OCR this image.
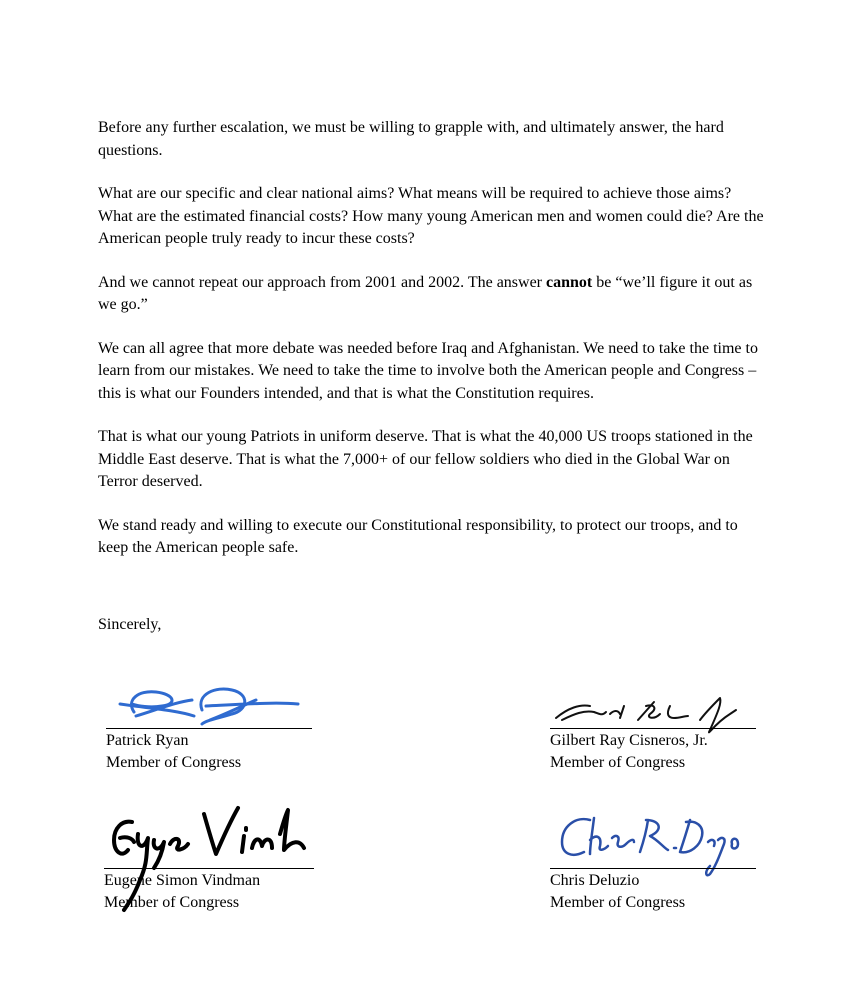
Before any further escalation, we must be willing to grapple with, and ultimately answer, the hard questions.

What are our specific and clear national aims? What means will be required to achieve those aims? What are the estimated financial costs? How many young American men and women could die? Are the American people truly ready to incur these costs?

And we cannot repeat our approach from 2001 and 2002. The answer cannot be “we’ll figure it out as we go.”

We can all agree that more debate was needed before Iraq and Afghanistan. We need to take the time to learn from our mistakes. We need to take the time to involve both the American people and Congress – this is what our Founders intended, and that is what the Constitution requires.

That is what our young Patriots in uniform deserve. That is what the 40,000 US troops stationed in the Middle East deserve. That is what the 7,000+ of our fellow soldiers who died in the Global War on Terror deserved.

We stand ready and willing to execute our Constitutional responsibility, to protect our troops, and to keep the American people safe.

Sincerely,
Patrick Ryan
Member of Congress
Gilbert Ray Cisneros, Jr.
Member of Congress
Eugene Simon Vindman
Member of Congress
Chris Deluzio
Member of Congress
